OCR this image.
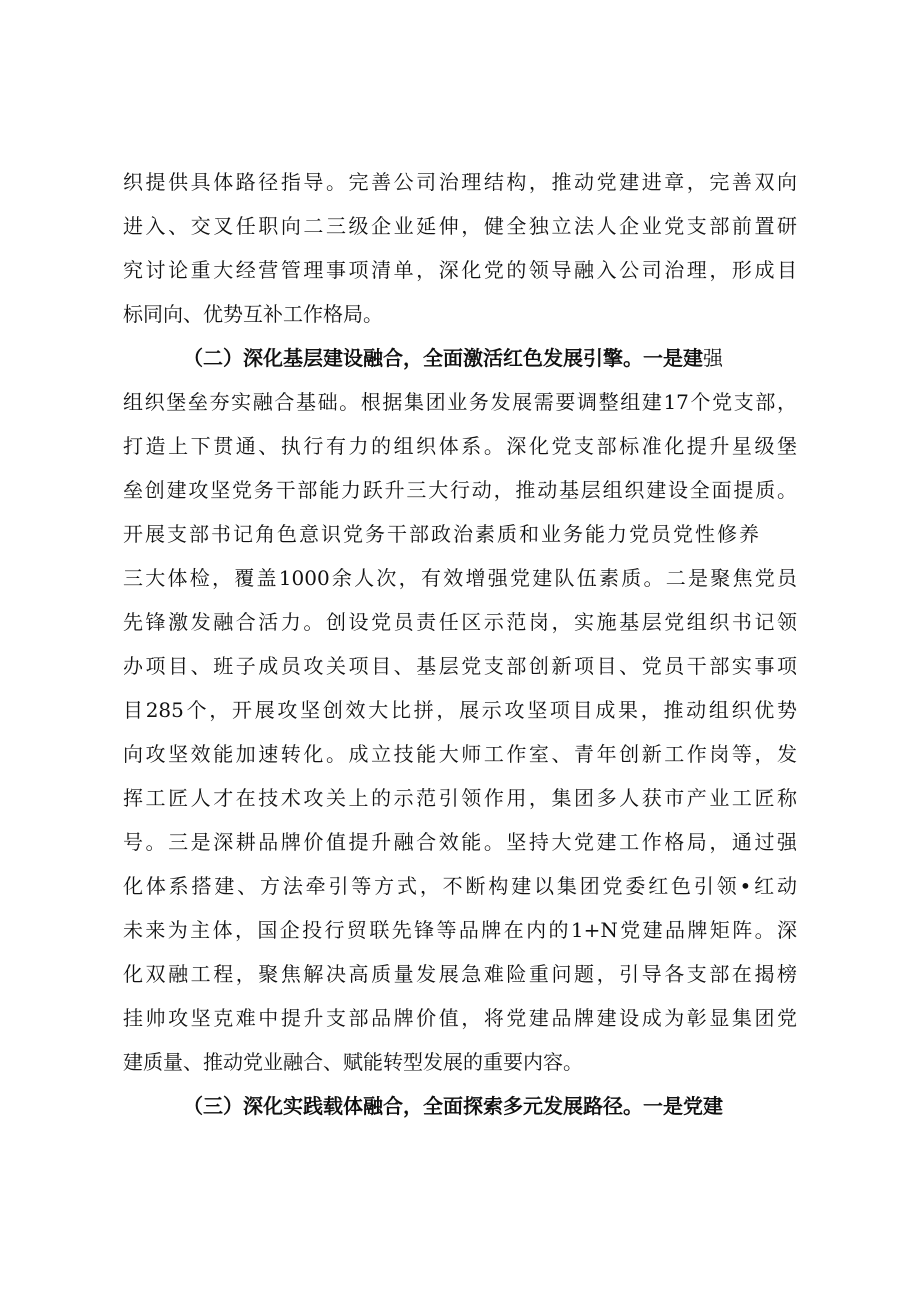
织提供具体路径指导。完善公司治理结构，推动党建进章，完善双向
进入、交叉任职向二三级企业延伸，健全独立法人企业党支部前置研
究讨论重大经营管理事项清单，深化党的领导融入公司治理，形成目
标同向、优势互补工作格局。
（二）深化基层建设融合，全面激活红色发展引擎。一是建强
组织堡垒夯实融合基础。根据集团业务发展需要调整组建17个党支部，
打造上下贯通、执行有力的组织体系。深化党支部标准化提升星级堡
垒创建攻坚党务干部能力跃升三大行动，推动基层组织建设全面提质。
开展支部书记角色意识党务干部政治素质和业务能力党员党性修养
三大体检，覆盖1000余人次，有效增强党建队伍素质。二是聚焦党员
先锋激发融合活力。创设党员责任区示范岗，实施基层党组织书记领
办项目、班子成员攻关项目、基层党支部创新项目、党员干部实事项
目285个，开展攻坚创效大比拼，展示攻坚项目成果，推动组织优势
向攻坚效能加速转化。成立技能大师工作室、青年创新工作岗等，发
挥工匠人才在技术攻关上的示范引领作用，集团多人获市产业工匠称
号。三是深耕品牌价值提升融合效能。坚持大党建工作格局，通过强
化体系搭建、方法牵引等方式，不断构建以集团党委红色引领•红动
未来为主体，国企投行贸联先锋等品牌在内的1+N党建品牌矩阵。深
化双融工程，聚焦解决高质量发展急难险重问题，引导各支部在揭榜
挂帅攻坚克难中提升支部品牌价值，将党建品牌建设成为彰显集团党
建质量、推动党业融合、赋能转型发展的重要内容。
（三）深化实践载体融合，全面探索多元发展路径。一是党建
